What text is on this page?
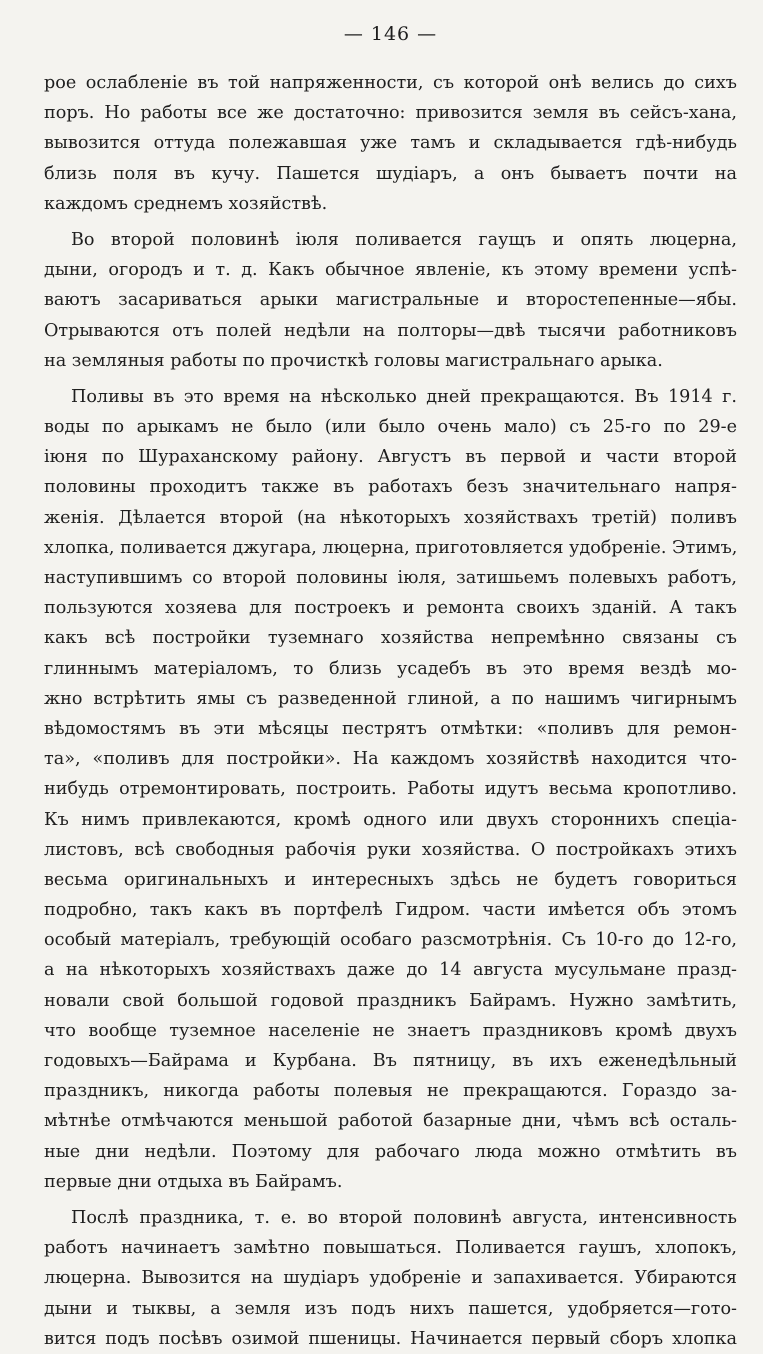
— 146 —
рое ослабленіе въ той напряженности, съ которой онѣ велись до сихъ
поръ. Но работы все же достаточно: привозится земля въ сейсъ-хана,
вывозится оттуда полежавшая уже тамъ и складывается гдѣ-нибудь
близь поля въ кучу. Пашется шудіаръ, а онъ бываетъ почти на
каждомъ среднемъ хозяйствѣ.
Во второй половинѣ іюля поливается гаущъ и опять люцерна,
дыни, огородъ и т. д. Какъ обычное явленіе, къ этому времени успѣ-
ваютъ засариваться арыки магистральные и второстепенные—ябы.
Отрываются отъ полей недѣли на полторы—двѣ тысячи работниковъ
на земляныя работы по прочисткѣ головы магистральнаго арыка.
Поливы въ это время на нѣсколько дней прекращаются. Въ 1914 г.
воды по арыкамъ не было (или было очень мало) съ 25-го по 29-е
іюня по Шураханскому району. Августъ въ первой и части второй
половины проходитъ также въ работахъ безъ значительнаго напря-
женія. Дѣлается второй (на нѣкоторыхъ хозяйствахъ третій) поливъ
хлопка, поливается джугара, люцерна, приготовляется удобреніе. Этимъ,
наступившимъ со второй половины іюля, затишьемъ полевыхъ работъ,
пользуются хозяева для построекъ и ремонта своихъ зданій. А такъ
какъ всѣ постройки туземнаго хозяйства непремѣнно связаны съ
глиннымъ матеріаломъ, то близь усадебъ въ это время вездѣ мо-
жно встрѣтить ямы съ разведенной глиной, а по нашимъ чигирнымъ
вѣдомостямъ въ эти мѣсяцы пестрятъ отмѣтки: «поливъ для ремон-
та», «поливъ для постройки». На каждомъ хозяйствѣ находится что-
нибудь отремонтировать, построить. Работы идутъ весьма кропотливо.
Къ нимъ привлекаются, кромѣ одного или двухъ стороннихъ спеціа-
листовъ, всѣ свободныя рабочія руки хозяйства. О постройкахъ этихъ
весьма оригинальныхъ и интересныхъ здѣсь не будетъ говориться
подробно, такъ какъ въ портфелѣ Гидром. части имѣется объ этомъ
особый матеріалъ, требующій особаго разсмотрѣнія. Съ 10-го до 12-го,
а на нѣкоторыхъ хозяйствахъ даже до 14 августа мусульмане празд-
новали свой большой годовой праздникъ Байрамъ. Нужно замѣтить,
что вообще туземное населеніе не знаетъ праздниковъ кромѣ двухъ
годовыхъ—Байрама и Курбана. Въ пятницу, въ ихъ еженедѣльный
праздникъ, никогда работы полевыя не прекращаются. Гораздо за-
мѣтнѣе отмѣчаются меньшой работой базарные дни, чѣмъ всѣ осталь-
ные дни недѣли. Поэтому для рабочаго люда можно отмѣтить въ
первые дни отдыха въ Байрамъ.
Послѣ праздника, т. е. во второй половинѣ августа, интенсивность
работъ начинаетъ замѣтно повышаться. Поливается гаушъ, хлопокъ,
люцерна. Вывозится на шудіаръ удобреніе и запахивается. Убираются
дыни и тыквы, а земля изъ подъ нихъ пашется, удобряется—гото-
вится подъ посѣвъ озимой пшеницы. Начинается первый сборъ хлопка
